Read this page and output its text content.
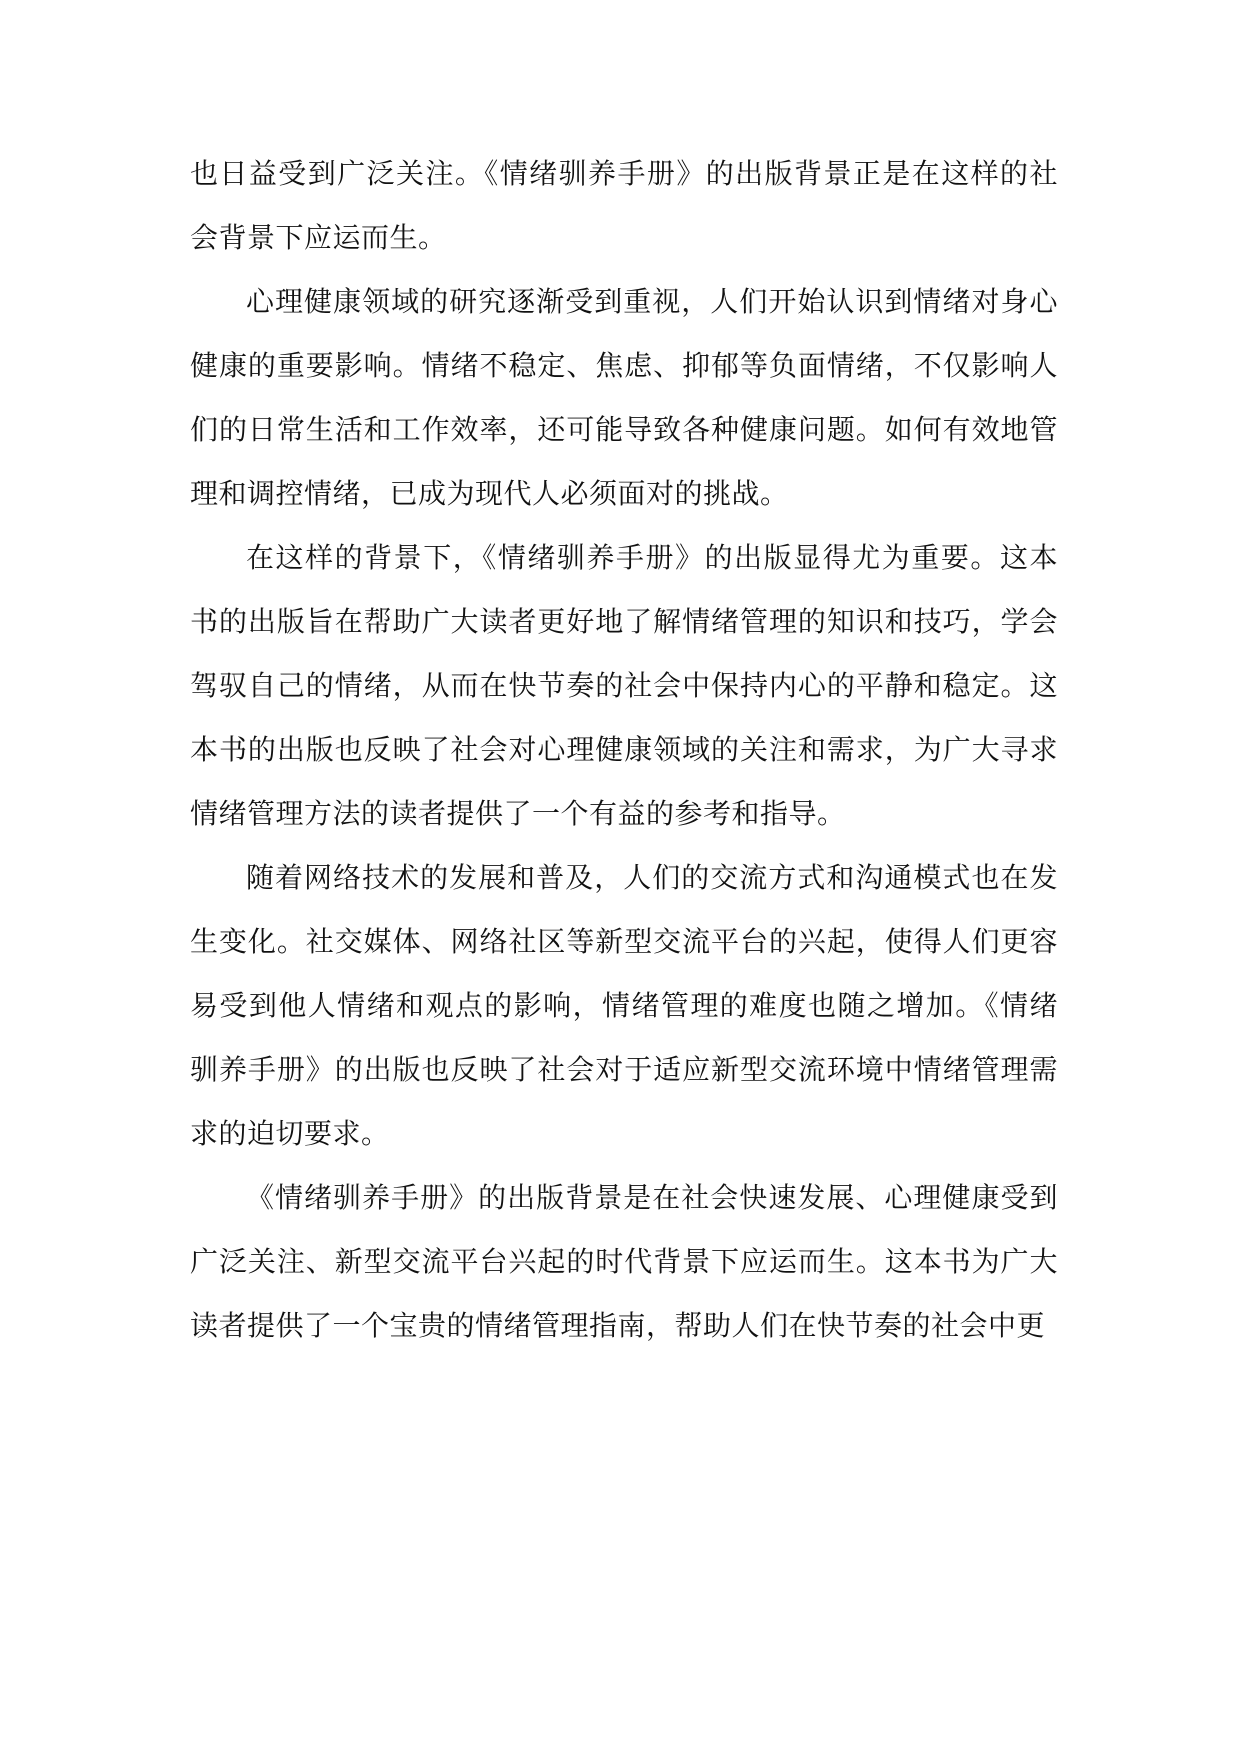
也日益受到广泛关注。《情绪驯养手册》的出版背景正是在这样的社会背景下应运而生。

心理健康领域的研究逐渐受到重视，人们开始认识到情绪对身心健康的重要影响。情绪不稳定、焦虑、抑郁等负面情绪，不仅影响人们的日常生活和工作效率，还可能导致各种健康问题。如何有效地管理和调控情绪，已成为现代人必须面对的挑战。

在这样的背景下，《情绪驯养手册》的出版显得尤为重要。这本书的出版旨在帮助广大读者更好地了解情绪管理的知识和技巧，学会驾驭自己的情绪，从而在快节奏的社会中保持内心的平静和稳定。这本书的出版也反映了社会对心理健康领域的关注和需求，为广大寻求情绪管理方法的读者提供了一个有益的参考和指导。

随着网络技术的发展和普及，人们的交流方式和沟通模式也在发生变化。社交媒体、网络社区等新型交流平台的兴起，使得人们更容易受到他人情绪和观点的影响，情绪管理的难度也随之增加。《情绪驯养手册》的出版也反映了社会对于适应新型交流环境中情绪管理需求的迫切要求。

《情绪驯养手册》的出版背景是在社会快速发展、心理健康受到广泛关注、新型交流平台兴起的时代背景下应运而生。这本书为广大读者提供了一个宝贵的情绪管理指南，帮助人们在快节奏的社会中更
